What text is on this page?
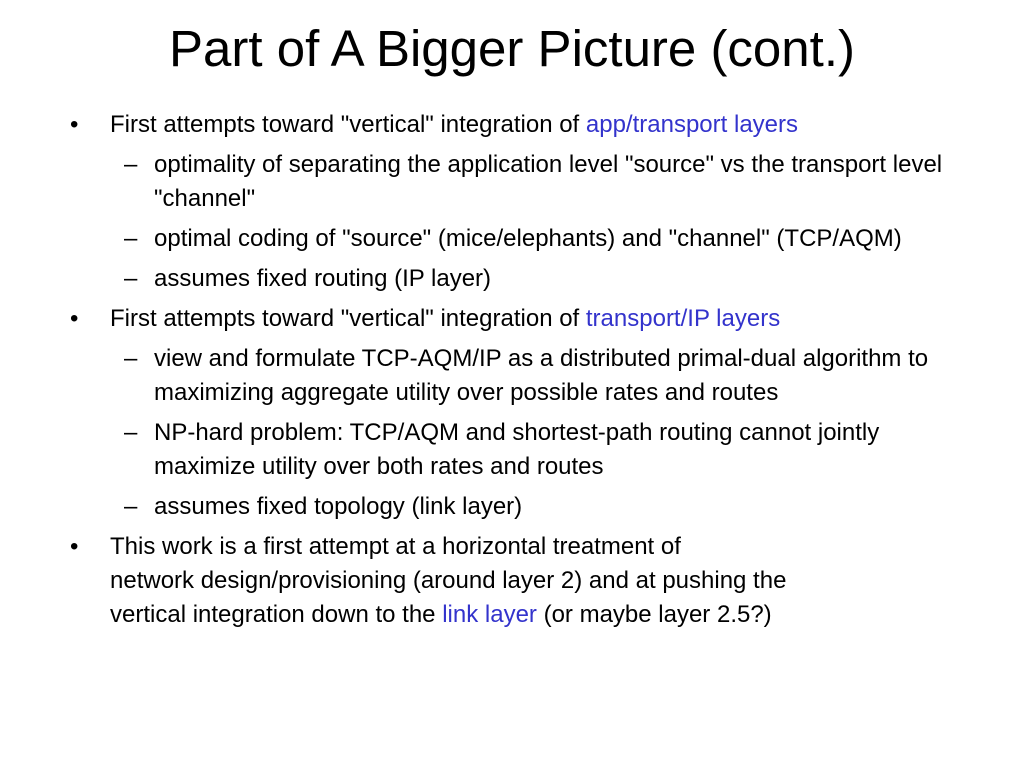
Part of A Bigger Picture (cont.)
• First attempts toward "vertical" integration of app/transport layers
– optimality of separating the application level "source" vs the transport level "channel"
– optimal coding of "source" (mice/elephants) and "channel" (TCP/AQM)
– assumes fixed routing (IP layer)
• First attempts toward "vertical" integration of transport/IP layers
– view and formulate TCP-AQM/IP as a distributed primal-dual algorithm to maximizing aggregate utility over possible rates and routes
– NP-hard problem: TCP/AQM and shortest-path routing cannot jointly maximize utility over both rates and routes
– assumes fixed topology (link layer)
• This work is a first attempt at a horizontal treatment of
network design/provisioning (around layer 2) and at pushing the
vertical integration down to the link layer (or maybe layer 2.5?)
